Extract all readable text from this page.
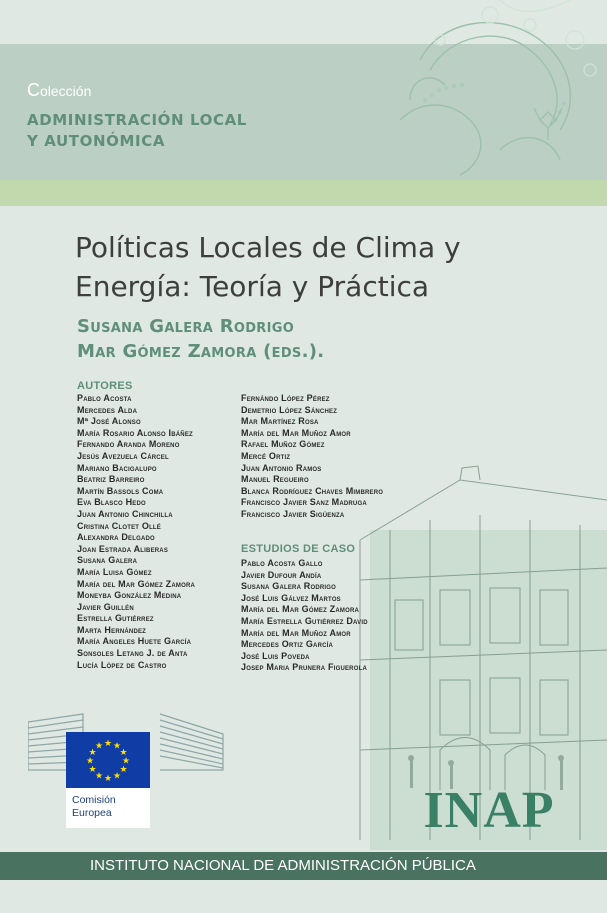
Colección
ADMINISTRACIÓN LOCAL
Y AUTONÓMICA
Políticas Locales de Clima y
Energía: Teoría y Práctica
Susana Galera Rodrigo
Mar Gómez Zamora (eds.).
AUTORES
Pablo Acosta
Mercedes Alda
Mª José Alonso
María Rosario Alonso Ibáñez
Fernando Aranda Moreno
Jesús Avezuela Cárcel
Mariano Bacigalupo
Beatriz Barreiro
Martín Bassols Coma
Eva Blasco Hedo
Juan Antonio Chinchilla
Cristina Clotet Ollé
Alexandra Delgado
Joan Estrada Aliberas
Susana Galera
María Luisa Gómez
María del Mar Gómez Zamora
Moneyba González Medina
Javier Guillén
Estrella Gutiérrez
Marta Hernández
María Angeles Huete García
Sonsoles Letang J. de Anta
Lucía López de Castro
Fernándo López Pérez
Demetrio López Sánchez
Mar Martínez Rosa
María del Mar Muñoz Amor
Rafael Muñoz Gómez
Mercé Ortiz
Juan Antonio Ramos
Manuel Regueiro
Blanca Rodríguez Chaves Mimbrero
Francisco Javier Sanz Madruga
Francisco Javier Sigüenza
ESTUDIOS DE CASO
Pablo Acosta Gallo
Javier Dufour Andía
Susana Galera Rodrigo
José Luis Gálvez Martos
María del Mar Gómez Zamora
María Estrella Gutiérrez David
María del Mar Muñoz Amor
Mercedes Ortiz García
José Luis Poveda
Josep Maria Prunera Figuerola
★ ★
★
★
★
★
★
★
★
★
★
★
Comisión
Europea	INAP
INSTITUTO NACIONAL DE ADMINISTRACIÓN PÚBLICA
